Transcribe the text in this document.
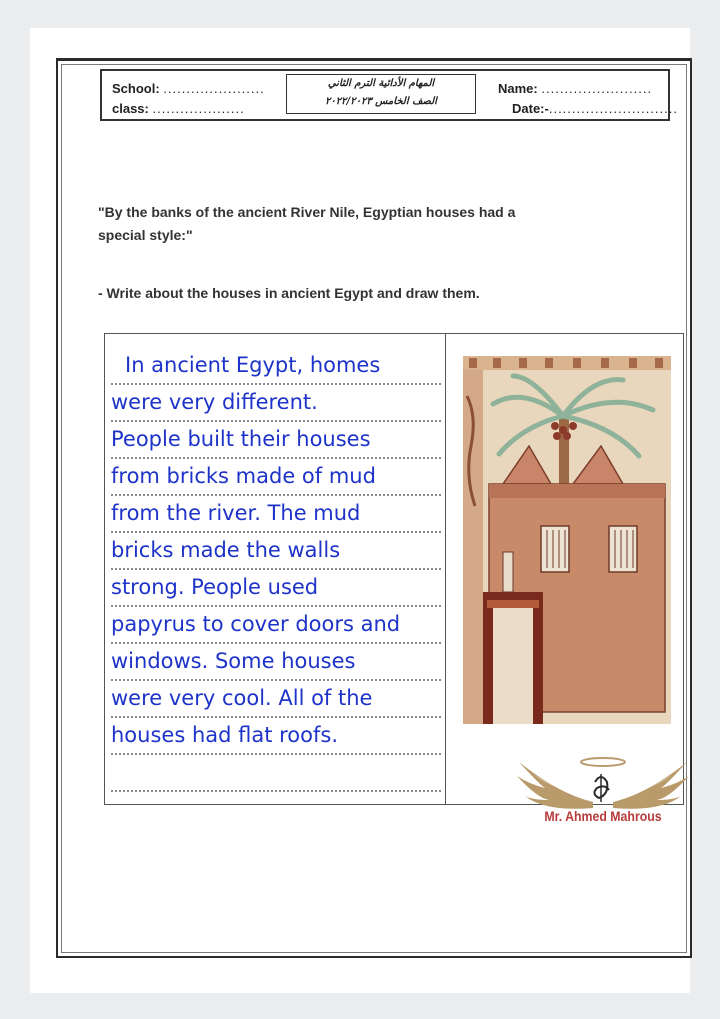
School: ......................
class: ....................
المهام الأدائية الترم الثاني
الصف الخامس ٢٠٢٢/٢٠٢٣
Name: ........................
Date:-............................
"By the banks of the ancient River Nile, Egyptian houses had a
special style:"
- Write about the houses in ancient Egypt and draw them.
In ancient Egypt, homes
were very different.
People built their houses
from bricks made of mud
from the river. The mud
bricks made the walls
strong. People used
papyrus to cover doors and
windows. Some houses
were very cool. All of the
houses had flat roofs.
Mr. Ahmed Mahrous
